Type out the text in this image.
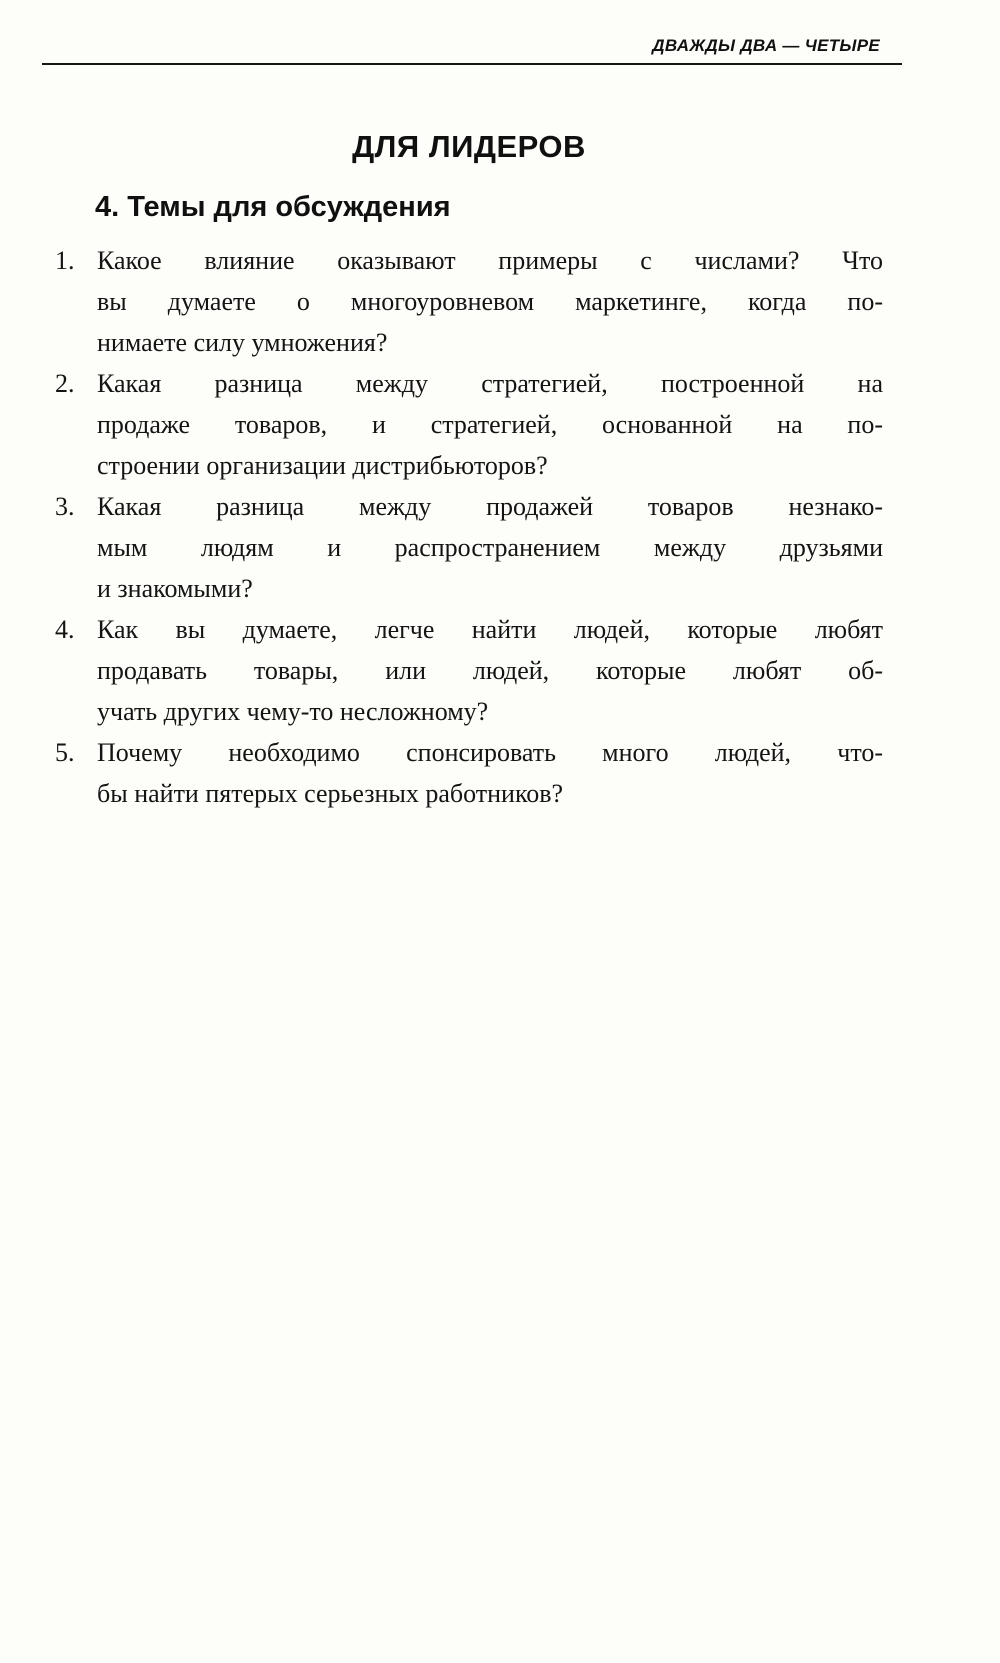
ДВАЖДЫ ДВА — ЧЕТЫРЕ
ДЛЯ ЛИДЕРОВ
4. Темы для обсуждения
1. Какое влияние оказывают примеры с числами? Что
вы думаете о многоуровневом маркетинге, когда по-
нимаете силу умножения?
2. Какая разница между стратегией, построенной на
продаже товаров, и стратегией, основанной на по-
строении организации дистрибьюторов?
3. Какая разница между продажей товаров незнако-
мым людям и распространением между друзьями
и знакомыми?
4. Как вы думаете, легче найти людей, которые любят
продавать товары, или людей, которые любят об-
учать других чему-то несложному?
5. Почему необходимо спонсировать много людей, что-
бы найти пятерых серьезных работников?
